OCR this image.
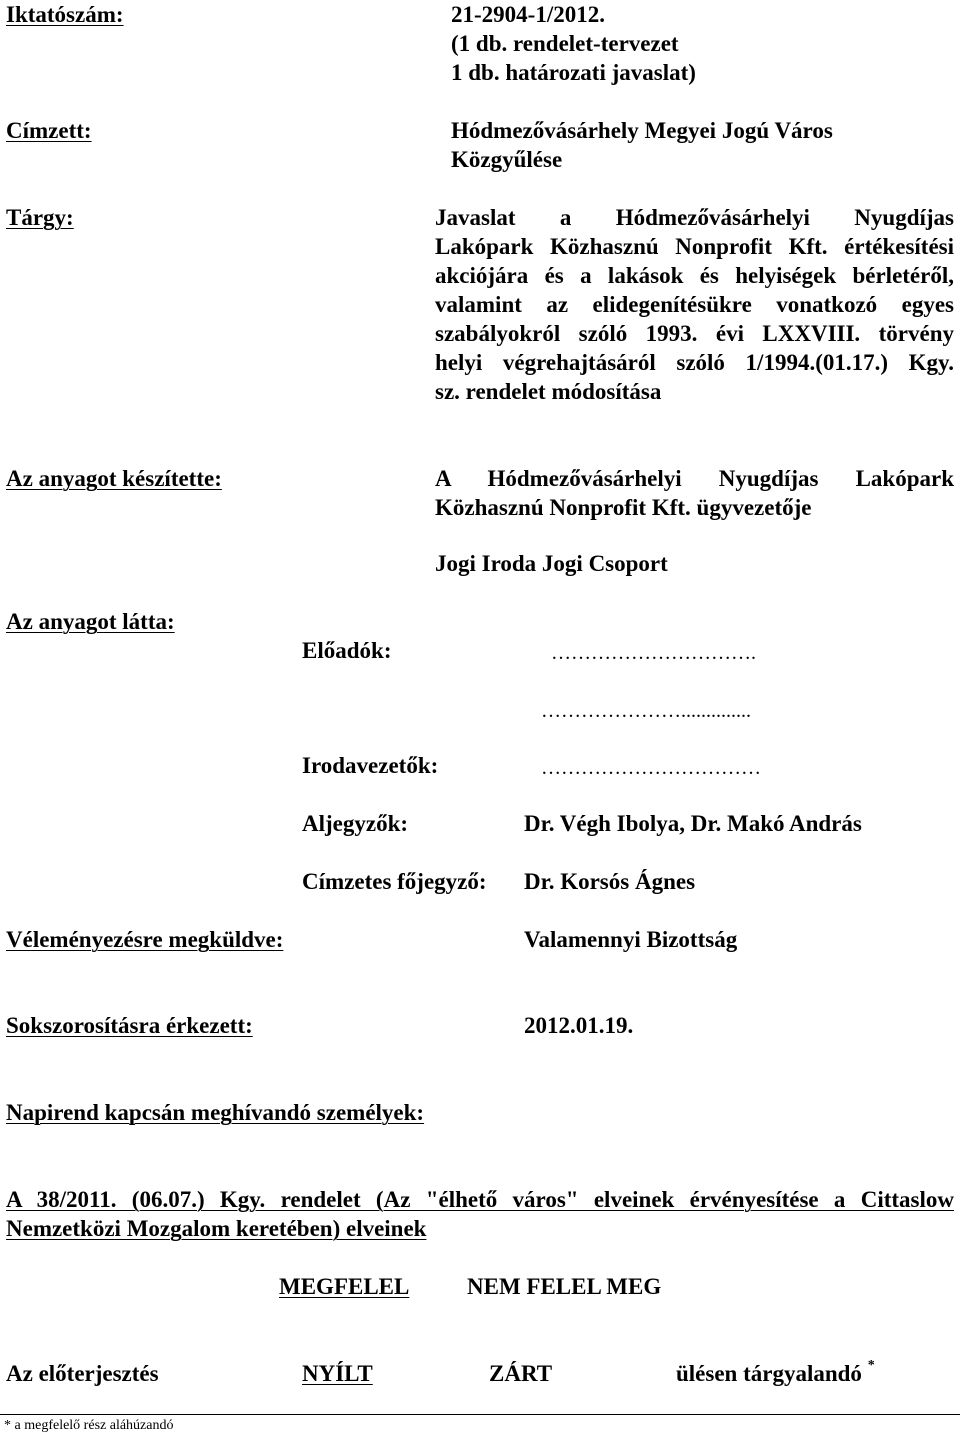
Iktatószám:	21-2904-1/2012.
(1 db. rendelet-tervezet
1 db. határozati javaslat)
Címzett:	Hódmezővásárhely Megyei Jogú Város
Közgyűlése
Tárgy:	Javaslat a Hódmezővásárhelyi Nyugdíjas
Lakópark Közhasznú Nonprofit Kft. értékesítési
akciójára és a lakások és helyiségek bérletéről,
valamint az elidegenítésükre vonatkozó egyes
szabályokról szóló 1993. évi LXXVIII. törvény
helyi végrehajtásáról szóló 1/1994.(01.17.) Kgy.
sz. rendelet módosítása
Az anyagot készítette:	A Hódmezővásárhelyi Nyugdíjas Lakópark
Közhasznú Nonprofit Kft. ügyvezetője
Jogi Iroda Jogi Csoport
Az anyagot látta:
Előadók:	………………………….
…………………..............
Irodavezetők:	……………………………
Aljegyzők:	Dr. Végh Ibolya, Dr. Makó András
Címzetes főjegyző: Dr. Korsós Ágnes
Véleményezésre megküldve:	Valamennyi Bizottság
Sokszorosításra érkezett:	2012.01.19.
Napirend kapcsán meghívandó személyek:
A 38/2011. (06.07.) Kgy. rendelet (Az "élhető város" elveinek érvényesítése a Cittaslow
Nemzetközi Mozgalom keretében) elveinek
MEGFELEL	NEM FELEL MEG
Az előterjesztés	NYÍLT	ZÁRT	ülésen tárgyalandó *
* a megfelelő rész aláhúzandó
